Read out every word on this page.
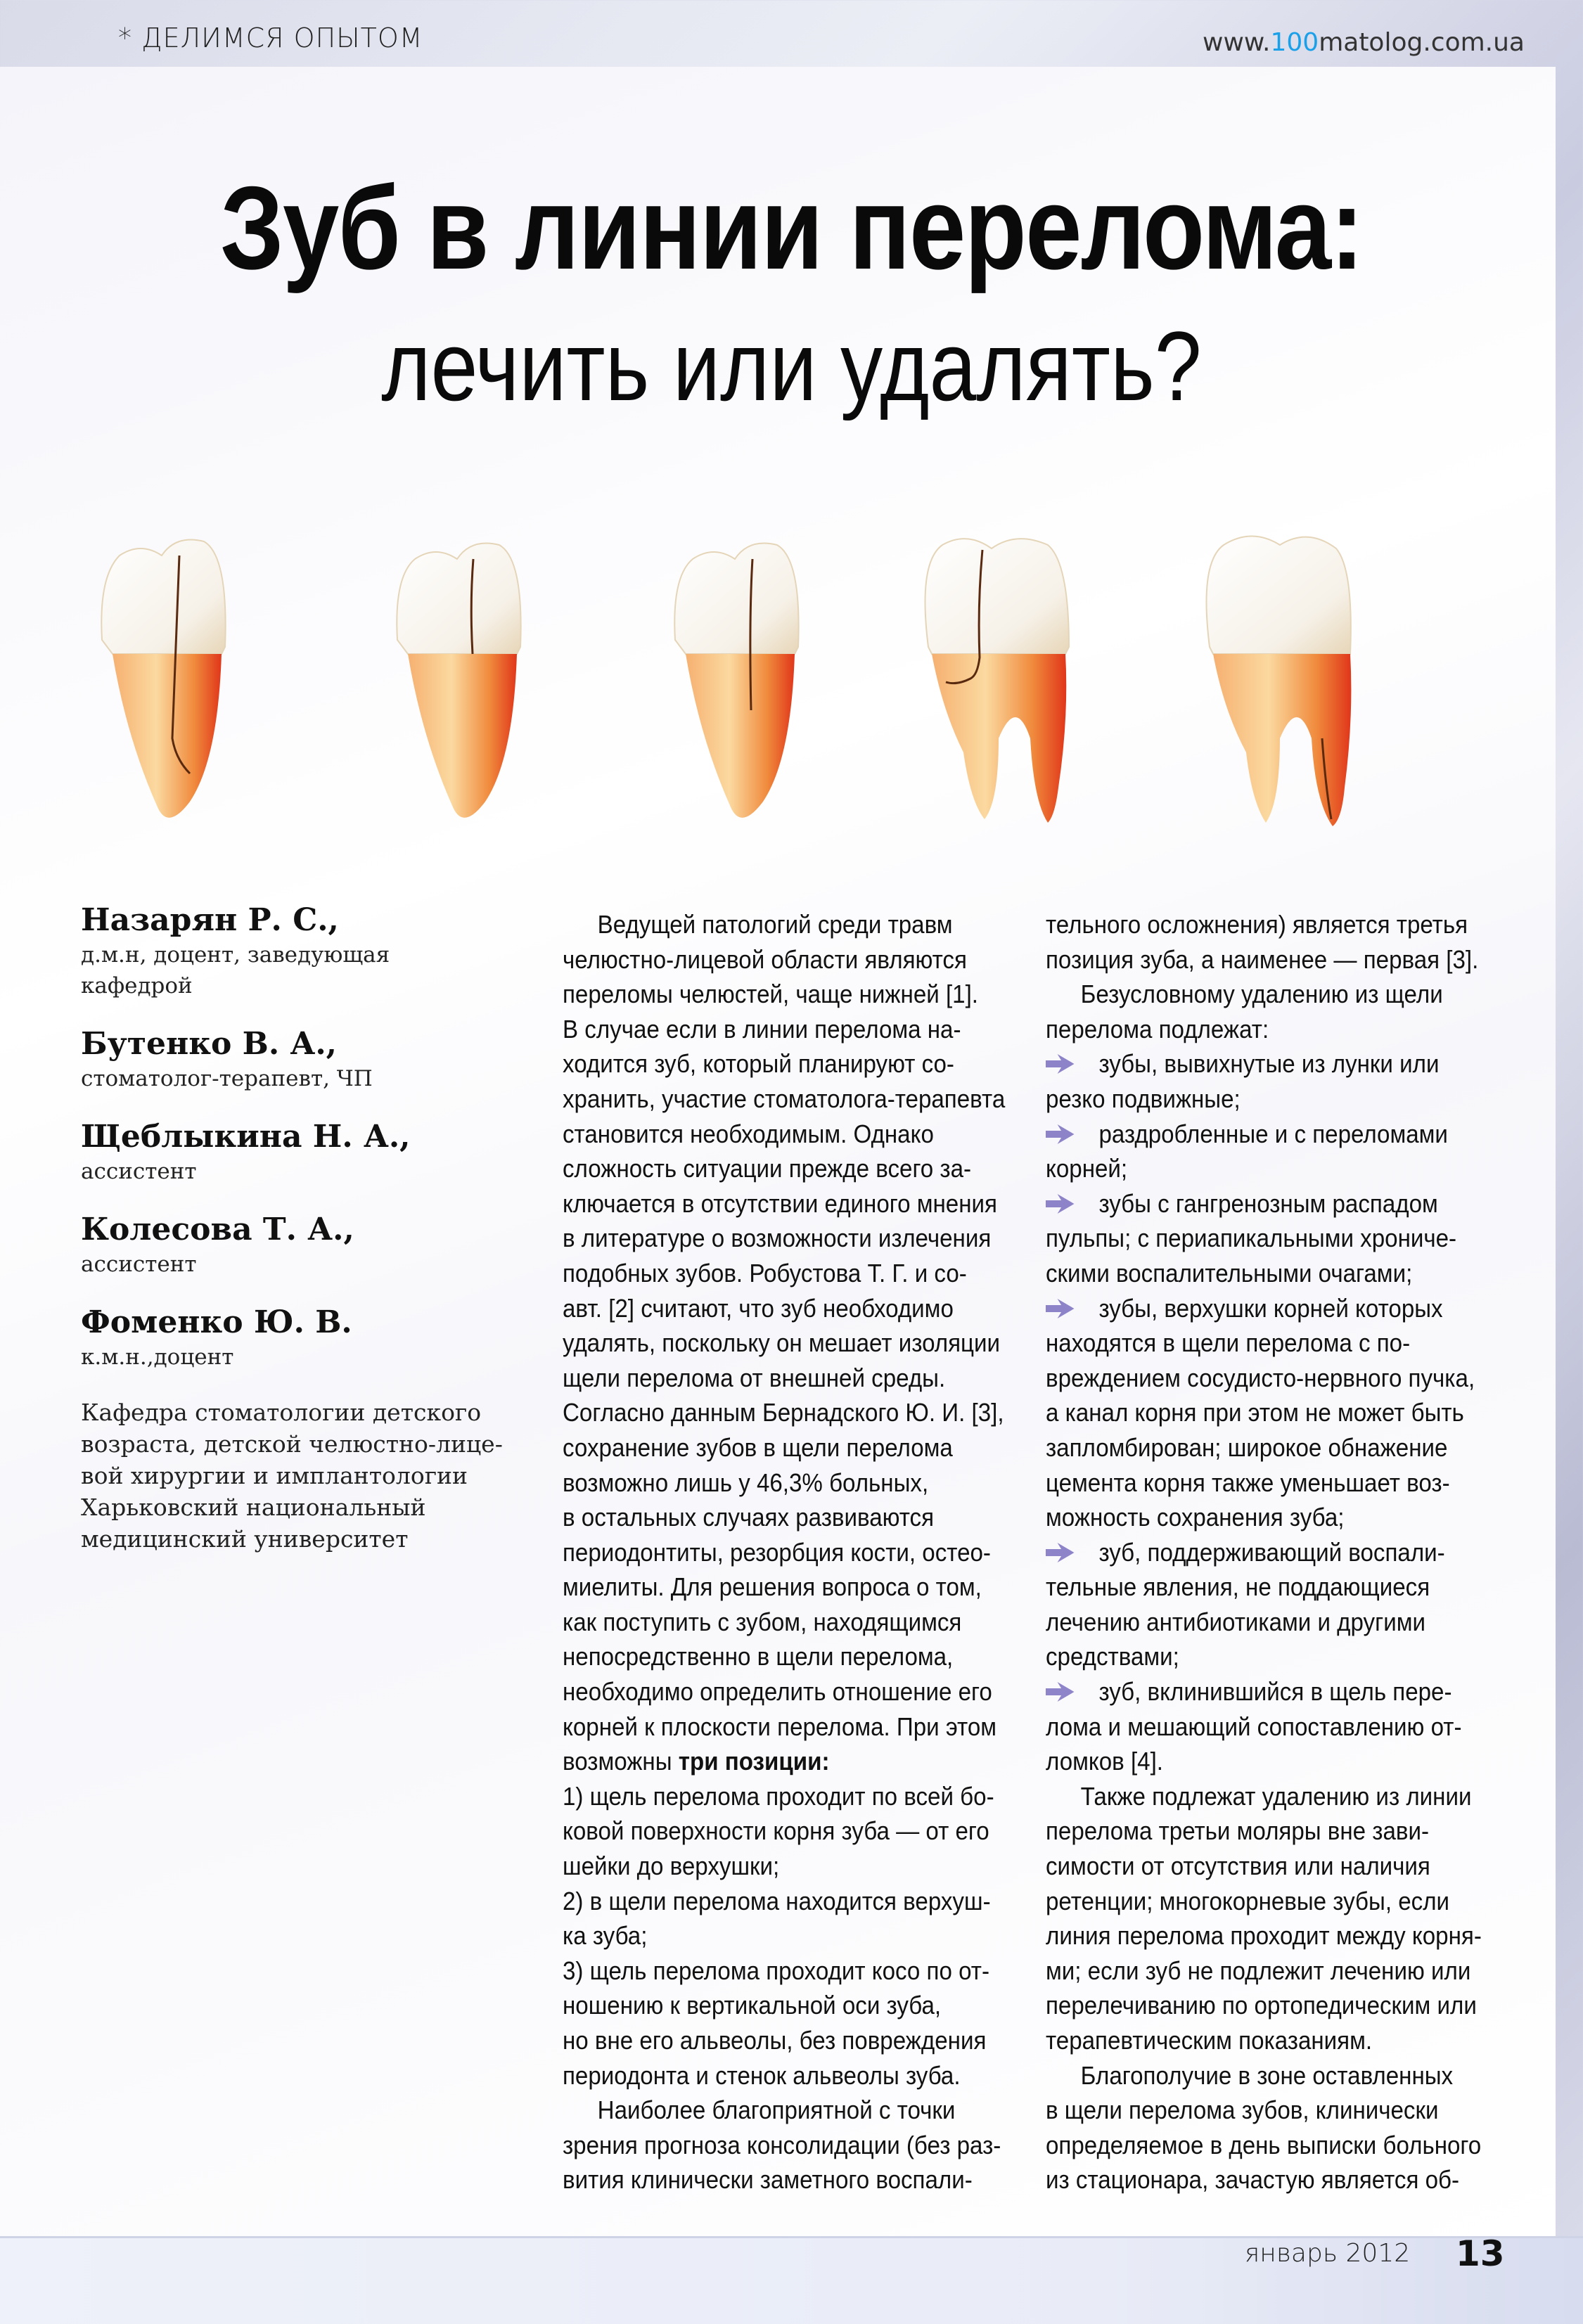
* ДЕЛИМСЯ ОПЫТОМ	www.100matolog.com.ua
Зуб в линии перелома:
лечить или удалять?
Назарян Р. С.,
д.м.н, доцент, заведующая
кафедрой
Бутенко В. А.,
стоматолог-терапевт, ЧП
Щеблыкина Н. А.,
ассистент
Колесова Т. А.,
ассистент
Фоменко Ю. В.
к.м.н.,доцент
Кафедра стоматологии детского
возраста, детской челюстно-лице-
вой хирургии и имплантологии
Харьковский национальный
медицинский университет

Ведущей патологий среди травм

челюстно-лицевой области являются

переломы челюстей, чаще нижней [1].

В случае если в линии перелома на-

ходится зуб, который планируют со-

хранить, участие стоматолога-терапевта

становится необходимым. Однако

сложность ситуации прежде всего за-

ключается в отсутствии единого мнения

в литературе о возможности излечения

подобных зубов. Робустова Т. Г. и со-

авт. [2] считают, что зуб необходимо

удалять, поскольку он мешает изоляции

щели перелома от внешней среды.

Согласно данным Бернадского Ю. И. [3],

сохранение зубов в щели перелома

возможно лишь у 46,3% больных,

в остальных случаях развиваются

периодонтиты, резорбция кости, остео-

миелиты. Для решения вопроса о том,

как поступить с зубом, находящимся

непосредственно в щели перелома,

необходимо определить отношение его

корней к плоскости перелома. При этом

возможны три позиции:

1) щель перелома проходит по всей бо-

ковой поверхности корня зуба — от его

шейки до верхушки;

2) в щели перелома находится верхуш-

ка зуба;

3) щель перелома проходит косо по от-

ношению к вертикальной оси зуба,

но вне его альвеолы, без повреждения

периодонта и стенок альвеолы зуба.

Наиболее благоприятной с точки

зрения прогноза консолидации (без раз-

вития клинически заметного воспали-

тельного осложнения) является третья

позиция зуба, а наименее — первая [3].

Безусловному удалению из щели

перелома подлежат:

зубы, вывихнутые из лунки или

резко подвижные;

раздробленные и с переломами

корней;

зубы с гангренозным распадом

пульпы; с периапикальными хрониче-

скими воспалительными очагами;

зубы, верхушки корней которых

находятся в щели перелома с по-

вреждением сосудисто-нервного пучка,

а канал корня при этом не может быть

запломбирован; широкое обнажение

цемента корня также уменьшает воз-

можность сохранения зуба;

зуб, поддерживающий воспали-

тельные явления, не поддающиеся

лечению антибиотиками и другими

средствами;

зуб, вклинившийся в щель пере-

лома и мешающий сопоставлению от-

ломков [4].

Также подлежат удалению из линии

перелома третьи моляры вне зави-

симости от отсутствия или наличия

ретенции; многокорневые зубы, если

линия перелома проходит между корня-

ми; если зуб не подлежит лечению или

перелечиванию по ортопедическим или

терапевтическим показаниям.

Благополучие в зоне оставленных

в щели перелома зубов, клинически

определяемое в день выписки больного

из стационара, зачастую является об-

январь 2012 13
